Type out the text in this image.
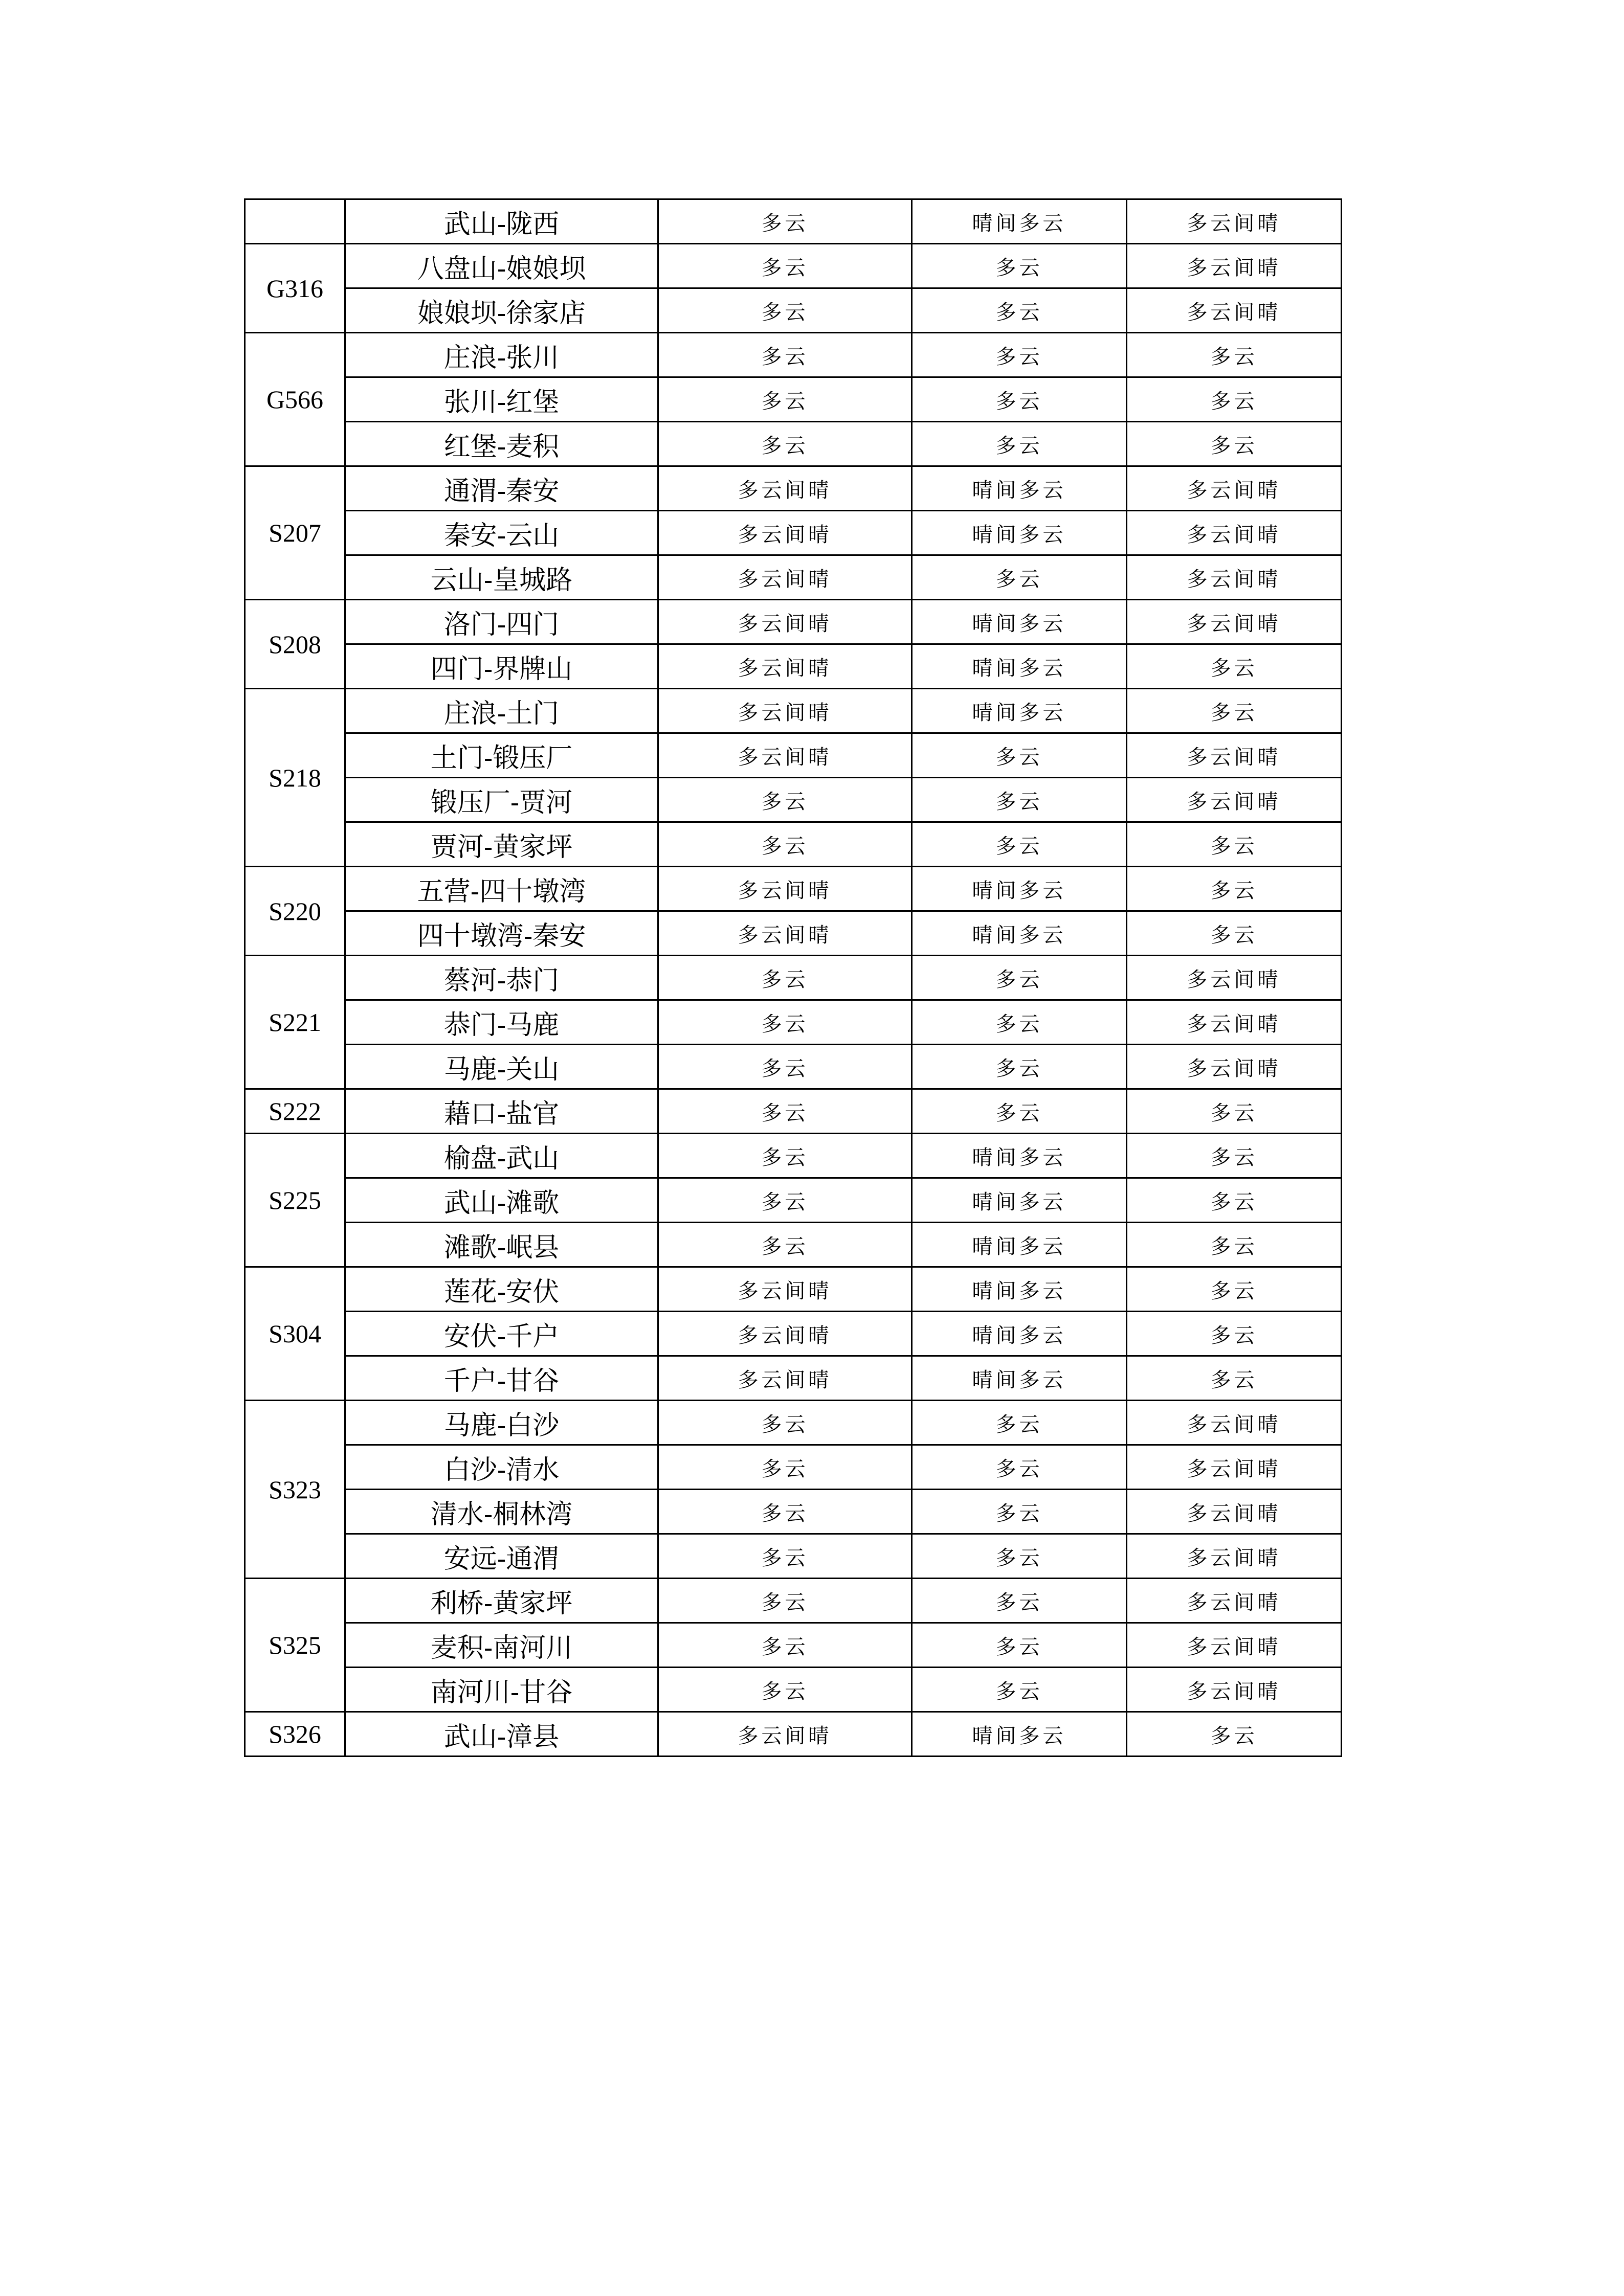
	武山-陇西	多云	晴间多云	多云间晴
G316	八盘山-娘娘坝	多云	多云	多云间晴
	娘娘坝-徐家店	多云	多云	多云间晴
G566	庄浪-张川	多云	多云	多云
	张川-红堡	多云	多云	多云
	红堡-麦积	多云	多云	多云
S207	通渭-秦安	多云间晴	晴间多云	多云间晴
	秦安-云山	多云间晴	晴间多云	多云间晴
	云山-皇城路	多云间晴	多云	多云间晴
S208	洛门-四门	多云间晴	晴间多云	多云间晴
	四门-界牌山	多云间晴	晴间多云	多云
S218	庄浪-土门	多云间晴	晴间多云	多云
	土门-锻压厂	多云间晴	多云	多云间晴
	锻压厂-贾河	多云	多云	多云间晴
	贾河-黄家坪	多云	多云	多云
S220	五营-四十墩湾	多云间晴	晴间多云	多云
	四十墩湾-秦安	多云间晴	晴间多云	多云
S221	蔡河-恭门	多云	多云	多云间晴
	恭门-马鹿	多云	多云	多云间晴
	马鹿-关山	多云	多云	多云间晴
S222	藉口-盐官	多云	多云	多云
S225	榆盘-武山	多云	晴间多云	多云
	武山-滩歌	多云	晴间多云	多云
	滩歌-岷县	多云	晴间多云	多云
S304	莲花-安伏	多云间晴	晴间多云	多云
	安伏-千户	多云间晴	晴间多云	多云
	千户-甘谷	多云间晴	晴间多云	多云
S323	马鹿-白沙	多云	多云	多云间晴
	白沙-清水	多云	多云	多云间晴
	清水-桐林湾	多云	多云	多云间晴
	安远-通渭	多云	多云	多云间晴
S325	利桥-黄家坪	多云	多云	多云间晴
	麦积-南河川	多云	多云	多云间晴
	南河川-甘谷	多云	多云	多云间晴
S326	武山-漳县	多云间晴	晴间多云	多云
